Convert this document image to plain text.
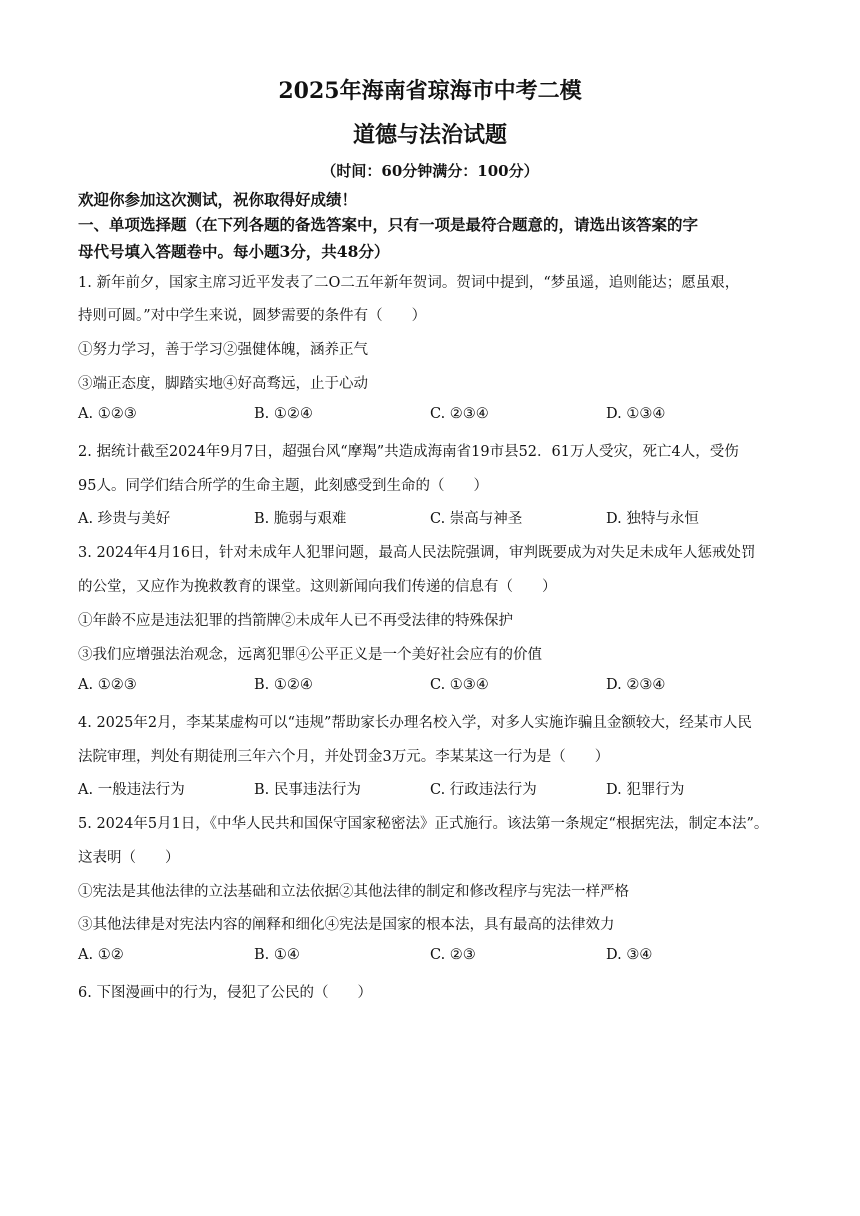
2025年海南省琼海市中考二模
道德与法治试题
（时间：60分钟满分：100分）
欢迎你参加这次测试，祝你取得好成绩！
一、单项选择题（在下列各题的备选答案中，只有一项是最符合题意的，请选出该答案的字
母代号填入答题卷中。每小题3分，共48分）
1. 新年前夕，国家主席习近平发表了二O二五年新年贺词。贺词中提到，“梦虽遥，追则能达；愿虽艰，
持则可圆。”对中学生来说，圆梦需要的条件有（　　）
①努力学习，善于学习②强健体魄，涵养正气
③端正态度，脚踏实地④好高骛远，止于心动
A. ①②③	B. ①②④	C. ②③④	D. ①③④
2. 据统计截至2024年9月7日，超强台风“摩羯”共造成海南省19市县52．61万人受灾，死亡4人，受伤
95人。同学们结合所学的生命主题，此刻感受到生命的（　　）
A. 珍贵与美好	B. 脆弱与艰难	C. 崇高与神圣	D. 独特与永恒
3. 2024年4月16日，针对未成年人犯罪问题，最高人民法院强调，审判既要成为对失足未成年人惩戒处罚
的公堂，又应作为挽救教育的课堂。这则新闻向我们传递的信息有（　　）
①年龄不应是违法犯罪的挡箭牌②未成年人已不再受法律的特殊保护
③我们应增强法治观念，远离犯罪④公平正义是一个美好社会应有的价值
A. ①②③	B. ①②④	C. ①③④	D. ②③④
4. 2025年2月，李某某虚构可以“违规”帮助家长办理名校入学，对多人实施诈骗且金额较大，经某市人民
法院审理，判处有期徒刑三年六个月，并处罚金3万元。李某某这一行为是（　　）
A. 一般违法行为	B. 民事违法行为	C. 行政违法行为	D. 犯罪行为
5. 2024年5月1日，《中华人民共和国保守国家秘密法》正式施行。该法第一条规定“根据宪法，制定本法”。
这表明（　　）
①宪法是其他法律的立法基础和立法依据②其他法律的制定和修改程序与宪法一样严格
③其他法律是对宪法内容的阐释和细化④宪法是国家的根本法，具有最高的法律效力
A. ①②	B. ①④	C. ②③	D. ③④
6. 下图漫画中的行为，侵犯了公民的（　　）
